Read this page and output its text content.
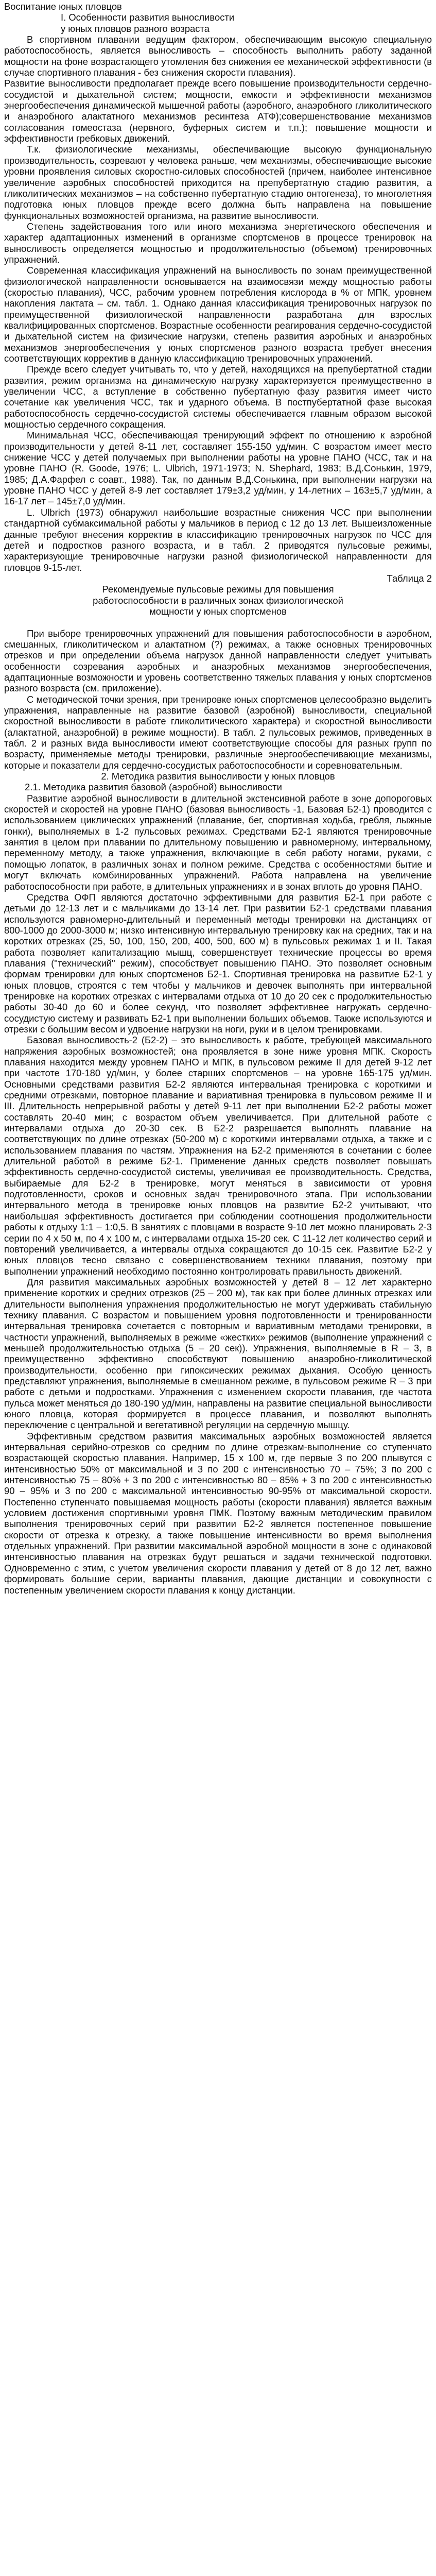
Воспитание юных пловцов

I. Особенности развития выносливости

у юных пловцов разного возраста

В спортивном плавании ведущим фактором, обеспечивающим высокую специальную работоспособность, является выносливость – способность выполнить работу заданной мощности на фоне возрастающего утомления без снижения ее механической эффективности (в случае спортивного плавания - без снижения скорости плавания).

Развитие выносливости предполагает прежде всего повышение производительности сердечно-сосудистой и дыхательной систем; мощности, емкости и эффективности механизмов энергообеспечения динамической мышечной работы (аэробного, анаэробного гликолитического и анаэробного алактатного механизмов ресинтеза АТФ);совершенствование механизмов согласования гомеостаза (нервного, буферных систем и т.п.); повышение мощности и эффективности гребковых движений.

Т.к. физиологические механизмы, обеспечивающие высокую функциональную производительность, созревают у человека раньше, чем механизмы, обеспечивающие высокие уровни проявления силовых скоростно-силовых способностей (причем, наиболее интенсивное увеличение аэробных способностей приходится на препубертатную стадию развития, а гликолитических механизмов – на собственно пубертатную стадию онтогенеза), то многолетняя подготовка юных пловцов прежде всего должна быть направлена на повышение функциональных возможностей организма, на развитие выносливости.

Степень задействования того или иного механизма энергетического обеспечения и характер адаптационных изменений в организме спортсменов в процессе тренировок на выносливость определяется мощностью и продолжительностью (объемом) тренировочных упражнений.

Современная классификация упражнений на выносливость по зонам преимущественной физиологической направленности основывается на взаимосвязи между мощностью работы (скоростью плавания), ЧСС, рабочим уровнем потребления кислорода в % от МПК, уровнем накопления лактата – см. табл. 1. Однако данная классификация тренировочных нагрузок по преимущественной физиологической направленности разработана для взрослых квалифицированных спортсменов. Возрастные особенности реагирования сердечно-сосудистой и дыхательной систем на физические нагрузки, степень развития аэробных и анаэробных механизмов энергообеспечения у юных спортсменов разного возраста требует внесения соответствующих корректив в данную классификацию тренировочных упражнений.

Прежде всего следует учитывать то, что у детей, находящихся на препубертатной стадии развития, режим организма на динамическую нагрузку характеризуется преимущественно в увеличении ЧСС, а вступление в собственно пубертатную фазу развития имеет чисто сочетание как увеличения ЧСС, так и ударного объема. В постпубертатной фазе высокая работоспособность сердечно-сосудистой системы обеспечивается главным образом высокой мощностью сердечного сокращения.

Минимальная ЧСС, обеспечивающая тренирующий эффект по отношению к аэробной производительности у детей 8-11 лет, составляет 155-150 уд/мин. С возрастом имеет место снижение ЧСС у детей получаемых при выполнении работы на уровне ПАНО (ЧСС, так и на уровне ПАНО (R. Goode, 1976; L. Ulbrich, 1971-1973; N. Shephard, 1983; В.Д.Сонькин, 1979, 1985; Д.А.Фарфел с соавт., 1988). Так, по данным В.Д.Сонькина, при выполнении нагрузки на уровне ПАНО ЧСС у детей 8-9 лет составляет 179±3,2 уд/мин, у 14-летних – 163±5,7 уд/мин, а 16-17 лет – 145±7,0 уд/мин.

L. Ulbrich (1973) обнаружил наибольшие возрастные снижения ЧСС при выполнении стандартной субмаксимальной работы у мальчиков в период с 12 до 13 лет. Вышеизложенные данные требуют внесения корректив в классификацию тренировочных нагрузок по ЧСС для детей и подростков разного возраста, и в табл. 2 приводятся пульсовые режимы, характеризующие тренировочные нагрузки разной физиологической направленности для пловцов 9-15-лет.

Таблица 2

Рекомендуемые пульсовые режимы для повышения

работоспособности в различных зонах физиологической

мощности у юных спортсменов

При выборе тренировочных упражнений для повышения работоспособности в аэробном, смешанных, гликолитическом и алактатном (?) режимах, а также основных тренировочных отрезков и при определении объема нагрузок данной направленности следует учитывать особенности созревания аэробных и анаэробных механизмов энергообеспечения, адаптационные возможности и уровень соответственно тяжелых плавания у юных спортсменов разного возраста (см. приложение).

С методической точки зрения, при тренировке юных спортсменов целесообразно выделить упражнения, направленные на развитие базовой (аэробной) выносливости, специальной скоростной выносливости в работе гликолитического характера) и скоростной выносливости (алактатной, анаэробной) в режиме мощности). В табл. 2 пульсовых режимов, приведенных в табл. 2 и разных вида выносливости имеют соответствующие способы для разных групп по возрасту, применяемые методы тренировки, различные энергообеспечивающие механизмы, которые и показатели для сердечно-сосудистых работоспособности и соревновательным.

2. Методика развития выносливости у юных пловцов

2.1. Методика развития базовой (аэробной) выносливости

Развитие аэробной выносливости в длительной экстенсивной работе в зоне допороговых скоростей и скоростей на уровне ПАНО (базовая выносливость -1, Базовая Б2-1) проводится с использованием циклических упражнений (плавание, бег, спортивная ходьба, гребля, лыжные гонки), выполняемых в 1-2 пульсовых режимах. Средствами Б2-1 являются тренировочные занятия в целом при плавании по длительному повышению и равномерному, интервальному, переменному методу, а также упражнения, включающие в себя работу ногами, руками, с помощью лопаток, в различных зонах и полном режиме. Средства с особенностями бытие и могут включать комбинированных упражнений. Работа направлена на увеличение работоспособности при работе, в длительных упражнениях и в зонах вплоть до уровня ПАНО.

Средства ОФП являются достаточно эффективными для развития Б2-1 при работе с детьми до 12-13 лет и с мальчиками до 13-14 лет. При развитии Б2-1 средствами плавания используются равномерно-длительный и переменный методы тренировки на дистанциях от 800-1000 до 2000-3000 м; низко интенсивную интервальную тренировку как на средних, так и на коротких отрезках (25, 50, 100, 150, 200, 400, 500, 600 м) в пульсовых режимах 1 и II. Такая работа позволяет капитализацию мышц, совершенствует технические процессы во время плавания ("технический" режим), способствует повышению ПАНО. Это позволяет основным формам тренировки для юных спортсменов Б2-1. Спортивная тренировка на развитие Б2-1 у юных пловцов, строятся с тем чтобы у мальчиков и девочек выполнять при интервальной тренировке на коротких отрезках с интервалами отдыха от 10 до 20 сек с продолжительностью работы 30-40 до 60 и более секунд, что позволяет эффективнее нагружать сердечно-сосудистую систему и развивать Б2-1 при выполнении больших объемов. Также используются и отрезки с большим весом и удвоение нагрузки на ноги, руки и в целом тренировками.

Базовая выносливость-2 (Б2-2) – это выносливость к работе, требующей максимального напряжения аэробных возможностей; она проявляется в зоне ниже уровня МПК. Скорость плавания находится между уровнем ПАНО и МПК, в пульсовом режиме II для детей 9-12 лет при частоте 170-180 уд/мин, у более старших спортсменов – на уровне 165-175 уд/мин. Основными средствами развития Б2-2 являются интервальная тренировка с короткими и средними отрезками, повторное плавание и вариативная тренировка в пульсовом режиме II и III. Длительность непрерывной работы у детей 9-11 лет при выполнении Б2-2 работы может составлять 20-40 мин; с возрастом объем увеличивается. При длительной работе с интервалами отдыха до 20-30 сек. В Б2-2 разрешается выполнять плавание на соответствующих по длине отрезках (50-200 м) с короткими интервалами отдыха, а также и с использованием плавания по частям. Упражнения на Б2-2 применяются в сочетании с более длительной работой в режиме Б2-1. Применение данных средств позволяет повышать эффективность сердечно-сосудистой системы, увеличивая ее производительность. Средства, выбираемые для Б2-2 в тренировке, могут меняться в зависимости от уровня подготовленности, сроков и основных задач тренировочного этапа. При использовании интервального метода в тренировке юных пловцов на развитие Б2-2 учитывают, что наибольшая эффективность достигается при соблюдении соотношения продолжительности работы к отдыху 1:1 – 1:0,5. В занятиях с пловцами в возрасте 9-10 лет можно планировать 2-3 серии по 4 х 50 м, по 4 х 100 м, с интервалами отдыха 15-20 сек. С 11-12 лет количество серий и повторений увеличивается, а интервалы отдыха сокращаются до 10-15 сек. Развитие Б2-2 у юных пловцов тесно связано с совершенствованием техники плавания, поэтому при выполнении упражнений необходимо постоянно контролировать правильность движений.

Для развития максимальных аэробных возможностей у детей 8 – 12 лет характерно применение коротких и средних отрезков (25 – 200 м), так как при более длинных отрезках или длительности выполнения упражнения продолжительностью не могут удерживать стабильную технику плавания. С возрастом и повышением уровня подготовленности и тренированности интервальная тренировка сочетается с повторным и вариативным методами тренировки, в частности упражнений, выполняемых в режиме «жестких» режимов (выполнение упражнений с меньшей продолжительностью отдыха (5 – 20 сек)). Упражнения, выполняемые в R – 3, в преимущественно эффективно способствуют повышению анаэробно-гликолитической производительности, особенно при гипоксических режимах дыхания. Особую ценность представляют упражнения, выполняемые в смешанном режиме, в пульсовом режиме R – 3 при работе с детьми и подростками. Упражнения с изменением скорости плавания, где частота пульса может меняться до 180-190 уд/мин, направлены на развитие специальной выносливости юного пловца, которая формируется в процессе плавания, и позволяют выполнять переключение с центральной и вегетативной регуляции на сердечную мышцу.

Эффективным средством развития максимальных аэробных возможностей является интервальная серийно-отрезков со средним по длине отрезкам-выполнение со ступенчато возрастающей скоростью плавания. Например, 15 х 100 м, где первые 3 по 200 плывутся с интенсивностью 50% от максимальной и 3 по 200 с интенсивностью 70 – 75%; 3 по 200 с интенсивностью 75 – 80% + 3 по 200 с интенсивностью 80 – 85% + 3 по 200 с интенсивностью 90 – 95% и 3 по 200 с максимальной интенсивностью 90-95% от максимальной скорости. Постепенно ступенчато повышаемая мощность работы (скорости плавания) является важным условием достижения спортивными уровня ПМК. Поэтому важным методическим правилом выполнения тренировочных серий при развитии Б2-2 является постепенное повышение скорости от отрезка к отрезку, а также повышение интенсивности во время выполнения отдельных упражнений. При развитии максимальной аэробной мощности в зоне с одинаковой интенсивностью плавания на отрезках будут решаться и задачи технической подготовки. Одновременно с этим, с учетом увеличения скорости плавания у детей от 8 до 12 лет, важно формировать большие серии, варианты плавания, дающие дистанции и совокупности с постепенным увеличением скорости плавания к концу дистанции.
